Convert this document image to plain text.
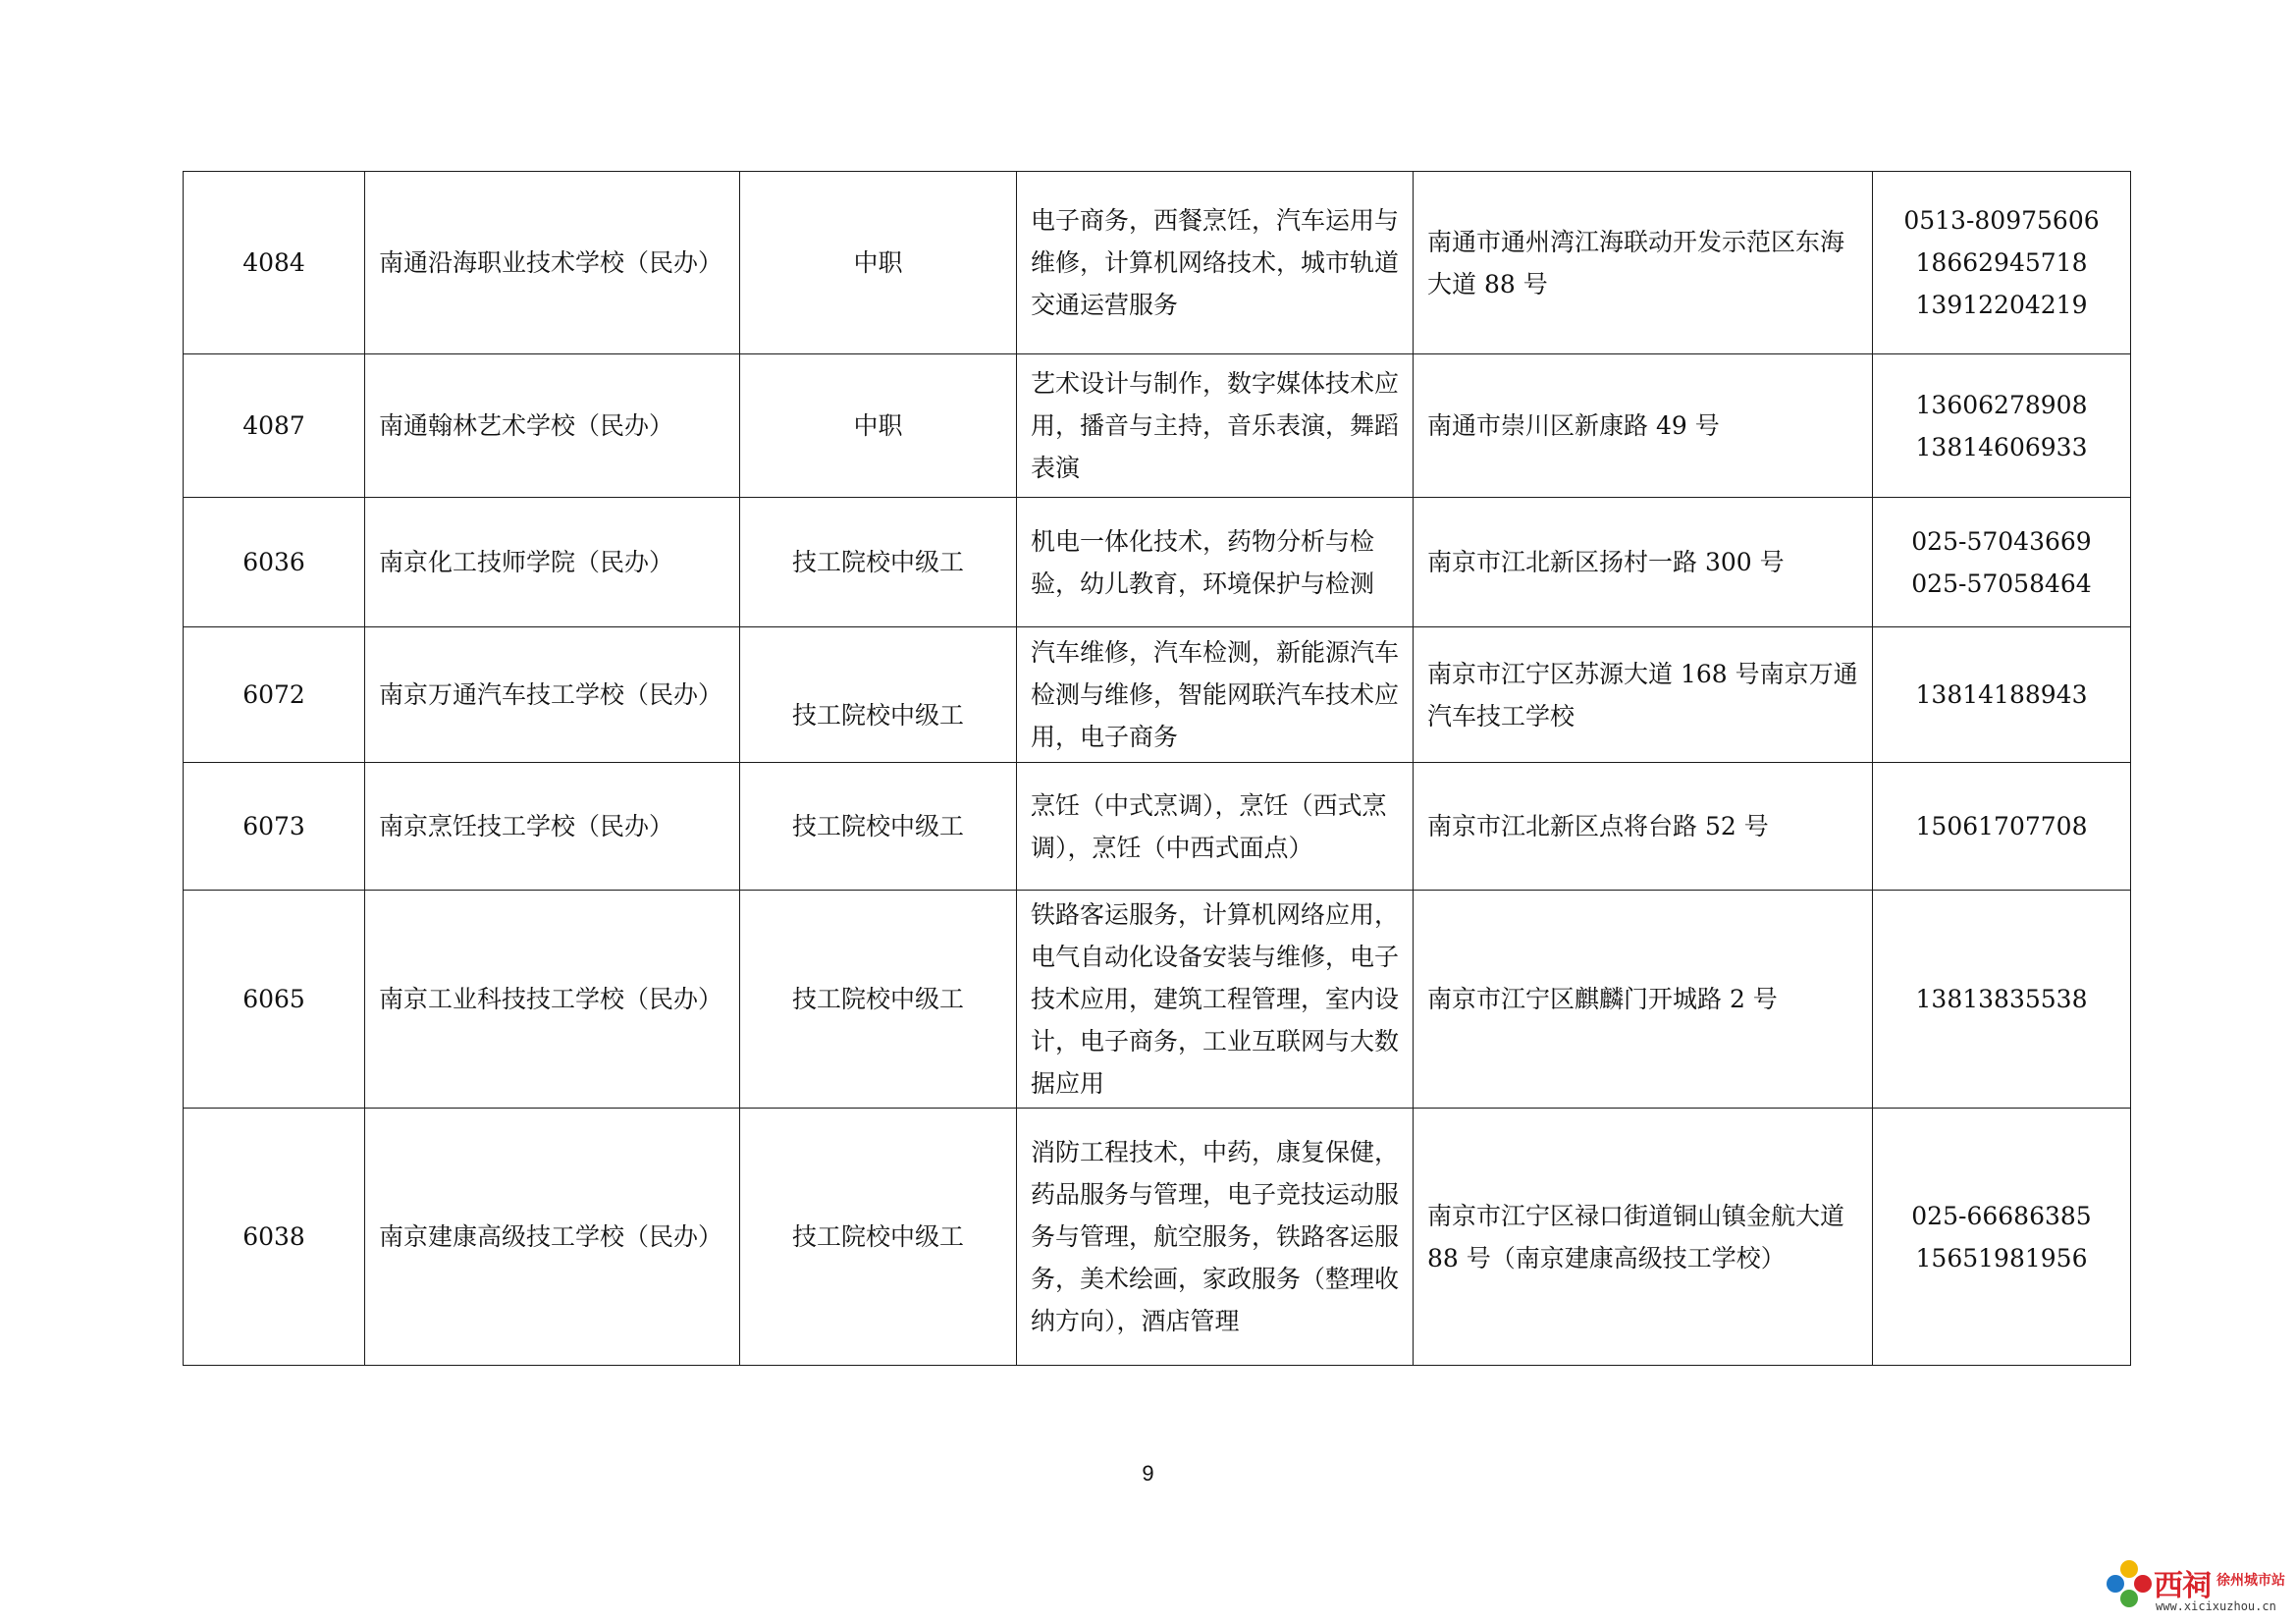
4084	南通沿海职业技术学校（民办）	中职	电子商务，西餐烹饪，汽车运用与维修，计算机网络技术，城市轨道交通运营服务	南通市通州湾江海联动开发示范区东海大道 88 号	0513-80975606
18662945718
13912204219

4087	南通翰林艺术学校（民办）	中职	艺术设计与制作，数字媒体技术应用，播音与主持，音乐表演，舞蹈表演	南通市崇川区新康路 49 号	13606278908
13814606933

6036	南京化工技师学院（民办）	技工院校中级工	机电一体化技术，药物分析与检验，幼儿教育，环境保护与检测	南京市江北新区扬村一路 300 号	025-57043669
025-57058464

6072	南京万通汽车技工学校（民办）	技工院校中级工	汽车维修，汽车检测，新能源汽车检测与维修，智能网联汽车技术应用，电子商务	南京市江宁区苏源大道 168 号南京万通汽车技工学校	13814188943

6073	南京烹饪技工学校（民办）	技工院校中级工	烹饪（中式烹调），烹饪（西式烹调），烹饪（中西式面点）	南京市江北新区点将台路 52 号	15061707708

6065	南京工业科技技工学校（民办）	技工院校中级工	铁路客运服务，计算机网络应用，电气自动化设备安装与维修，电子技术应用，建筑工程管理，室内设计，电子商务，工业互联网与大数据应用	南京市江宁区麒麟门开城路 2 号	13813835538

6038	南京建康高级技工学校（民办）	技工院校中级工	消防工程技术，中药，康复保健，药品服务与管理，电子竞技运动服务与管理，航空服务，铁路客运服务，美术绘画，家政服务（整理收纳方向），酒店管理	南京市江宁区禄口街道铜山镇金航大道 88 号（南京建康高级技工学校）	025-66686385
15651981956
9
西祠 徐州城市站
www.xicixuzhou.cn
